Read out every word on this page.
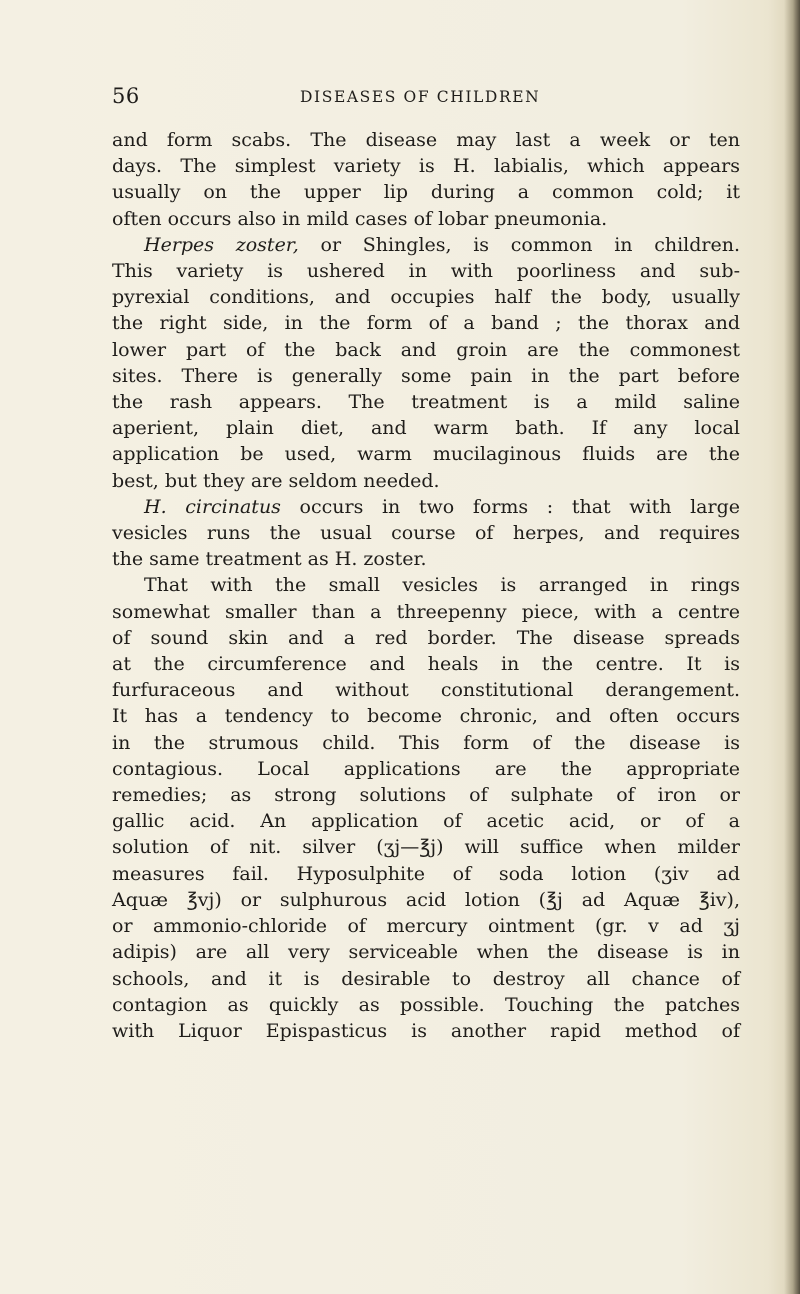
56	DISEASES OF CHILDREN
and form scabs. The disease may last a week or ten
days. The simplest variety is H. labialis, which appears
usually on the upper lip during a common cold; it
often occurs also in mild cases of lobar pneumonia.
Herpes zoster, or Shingles, is common in children.
This variety is ushered in with poorliness and sub-
pyrexial conditions, and occupies half the body, usually
the right side, in the form of a band ; the thorax and
lower part of the back and groin are the commonest
sites. There is generally some pain in the part before
the rash appears. The treatment is a mild saline
aperient, plain diet, and warm bath. If any local
application be used, warm mucilaginous fluids are the
best, but they are seldom needed.
H. circinatus occurs in two forms : that with large
vesicles runs the usual course of herpes, and requires
the same treatment as H. zoster.
That with the small vesicles is arranged in rings
somewhat smaller than a threepenny piece, with a centre
of sound skin and a red border. The disease spreads
at the circumference and heals in the centre. It is
furfuraceous and without constitutional derangement.
It has a tendency to become chronic, and often occurs
in the strumous child. This form of the disease is
contagious. Local applications are the appropriate
remedies; as strong solutions of sulphate of iron or
gallic acid. An application of acetic acid, or of a
solution of nit. silver (ʒj—℥j) will suffice when milder
measures fail. Hyposulphite of soda lotion (ʒiv ad
Aquæ ℥vj) or sulphurous acid lotion (℥j ad Aquæ ℥iv),
or ammonio-chloride of mercury ointment (gr. v ad ʒj
adipis) are all very serviceable when the disease is in
schools, and it is desirable to destroy all chance of
contagion as quickly as possible. Touching the patches
with Liquor Epispasticus is another rapid method of
